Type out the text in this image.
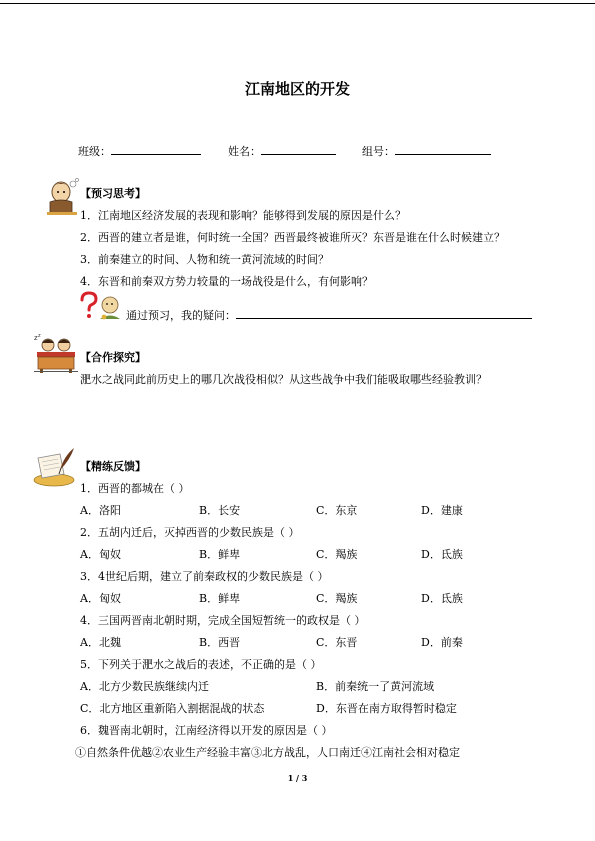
江南地区的开发
班级：	姓名：	组号：
【预习思考】
1．江南地区经济发展的表现和影响？能够得到发展的原因是什么？
2．西晋的建立者是谁，何时统一全国？西晋最终被谁所灭？东晋是谁在什么时候建立？
3．前秦建立的时间、人物和统一黄河流域的时间？
4．东晋和前秦双方势力较量的一场战役是什么，有何影响？
通过预习，我的疑问：
z z
【合作探究】
淝水之战同此前历史上的哪几次战役相似？从这些战争中我们能吸取哪些经验教训？
【精练反馈】
1．西晋的都城在（ ）
A．洛阳	B．长安	C．东京	D．建康
2．五胡内迁后，灭掉西晋的少数民族是（ ）
A．匈奴	B．鲜卑	C．羯族	D．氐族
3．4世纪后期，建立了前秦政权的少数民族是（ ）
A．匈奴	B．鲜卑	C．羯族	D．氐族
4．三国两晋南北朝时期，完成全国短暂统一的政权是（ ）
A．北魏	B．西晋	C．东晋	D．前秦
5．下列关于淝水之战后的表述，不正确的是（ ）
A．北方少数民族继续内迁	B．前秦统一了黄河流域
C．北方地区重新陷入割据混战的状态	D．东晋在南方取得暂时稳定
6．魏晋南北朝时，江南经济得以开发的原因是（ ）
①自然条件优越②农业生产经验丰富③北方战乱，人口南迁④江南社会相对稳定
1 / 3
